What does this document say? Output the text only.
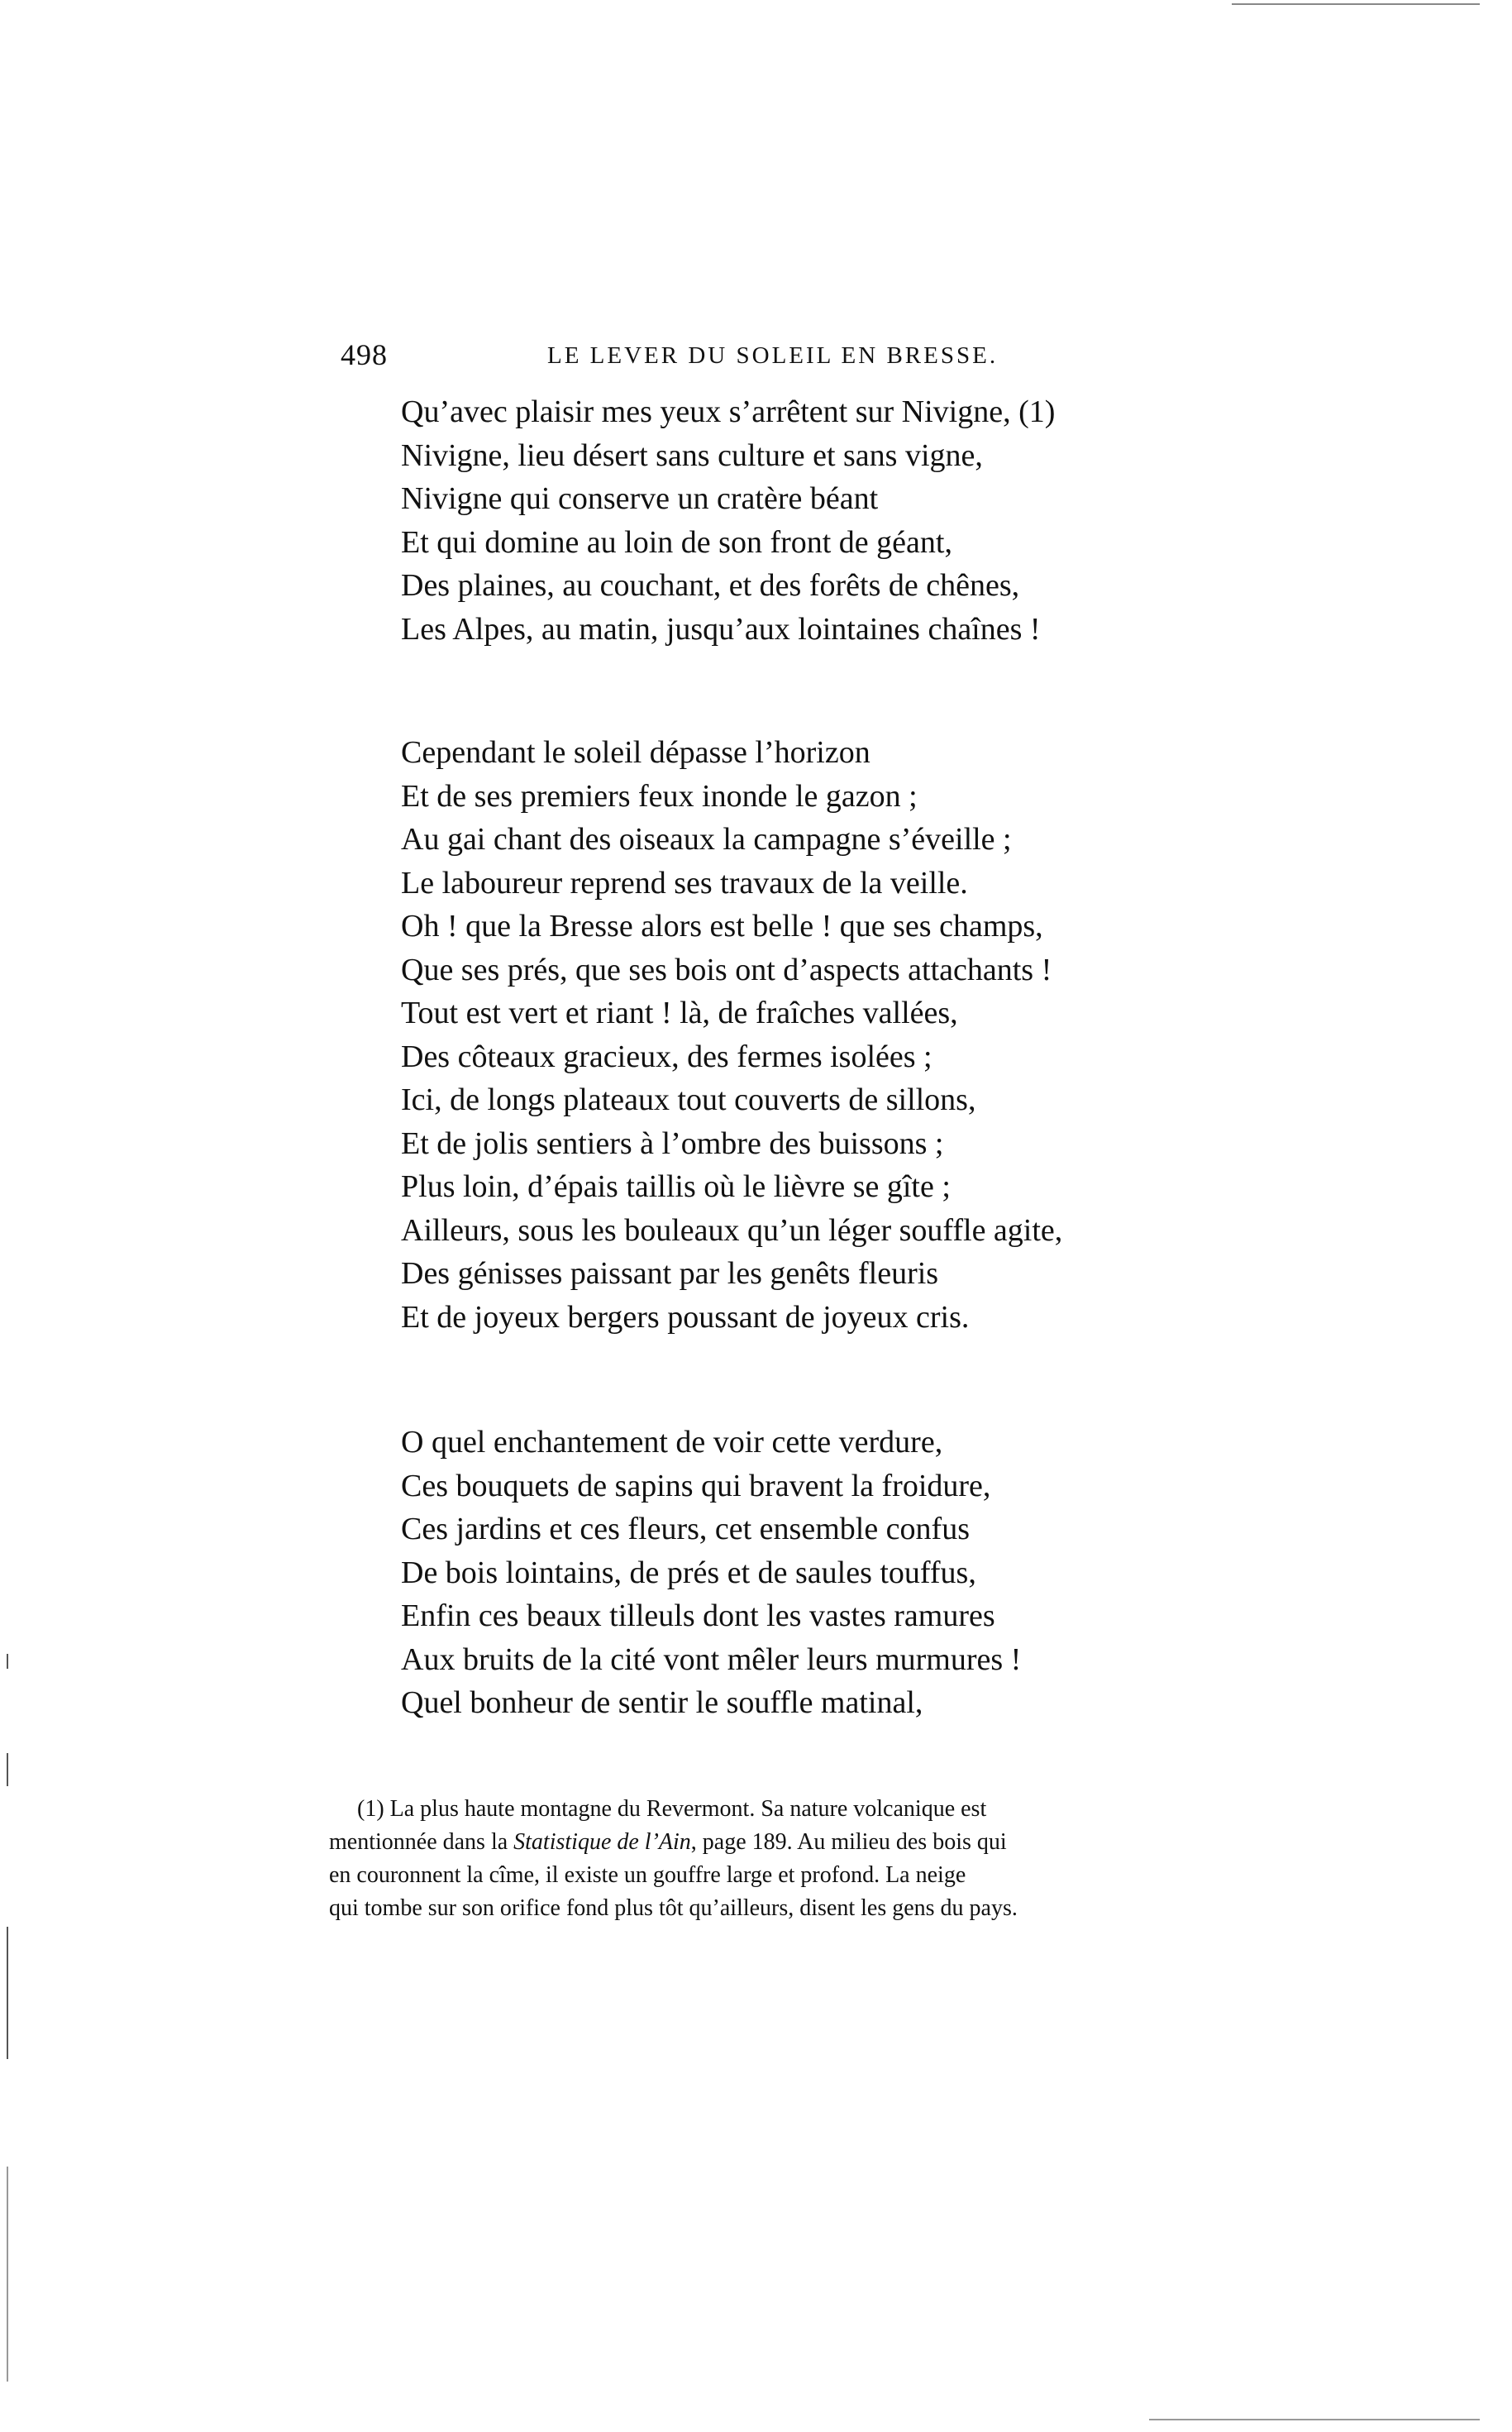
498	LE LEVER DU SOLEIL EN BRESSE.
Qu’avec plaisir mes yeux s’arrêtent sur Nivigne, (1)
Nivigne, lieu désert sans culture et sans vigne,
Nivigne qui conserve un cratère béant
Et qui domine au loin de son front de géant,
Des plaines, au couchant, et des forêts de chênes,
Les Alpes, au matin, jusqu’aux lointaines chaînes !
Cependant le soleil dépasse l’horizon
Et de ses premiers feux inonde le gazon ;
Au gai chant des oiseaux la campagne s’éveille ;
Le laboureur reprend ses travaux de la veille.
Oh ! que la Bresse alors est belle ! que ses champs,
Que ses prés, que ses bois ont d’aspects attachants !
Tout est vert et riant ! là, de fraîches vallées,
Des côteaux gracieux, des fermes isolées ;
Ici, de longs plateaux tout couverts de sillons,
Et de jolis sentiers à l’ombre des buissons ;
Plus loin, d’épais taillis où le lièvre se gîte ;
Ailleurs, sous les bouleaux qu’un léger souffle agite,
Des génisses paissant par les genêts fleuris
Et de joyeux bergers poussant de joyeux cris.
O quel enchantement de voir cette verdure,
Ces bouquets de sapins qui bravent la froidure,
Ces jardins et ces fleurs, cet ensemble confus
De bois lointains, de prés et de saules touffus,
Enfin ces beaux tilleuls dont les vastes ramures
Aux bruits de la cité vont mêler leurs murmures !
Quel bonheur de sentir le souffle matinal,
(1) La plus haute montagne du Revermont. Sa nature volcanique est
mentionnée dans la Statistique de l’Ain, page 189. Au milieu des bois qui
en couronnent la cîme, il existe un gouffre large et profond. La neige
qui tombe sur son orifice fond plus tôt qu’ailleurs, disent les gens du pays.
